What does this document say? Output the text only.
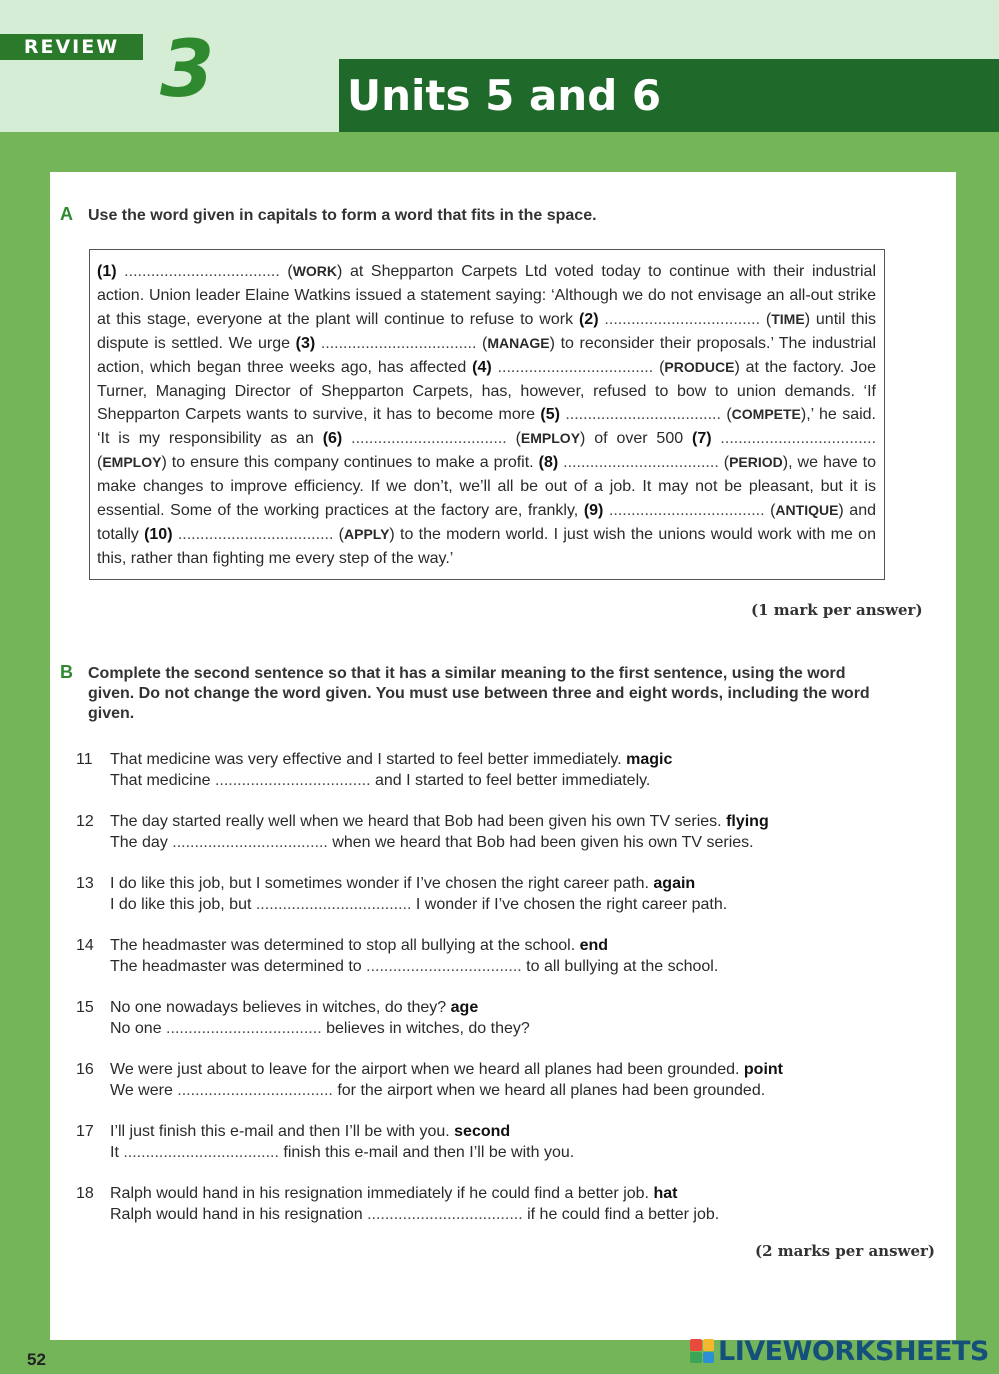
REVIEW 3	Units 5 and 6
A Use the word given in capitals to form a word that fits in the space.

(1) ................................... (WORK) at Shepparton Carpets Ltd voted today to continue with their industrial action. Union leader Elaine Watkins issued a statement saying: ‘Although we do not envisage an all-out strike at this stage, everyone at the plant will continue to refuse to work (2) ................................... (TIME) until this dispute is settled. We urge (3) ................................... (MANAGE) to reconsider their proposals.’ The industrial action, which began three weeks ago, has affected (4) ................................... (PRODUCE) at the factory. Joe Turner, Managing Director of Shepparton Carpets, has, however, refused to bow to union demands. ‘If Shepparton Carpets wants to survive, it has to become more (5) ................................... (COMPETE),’ he said. ‘It is my responsibility as an (6) ................................... (EMPLOY) of over 500 (7) ................................... (EMPLOY) to ensure this company continues to make a profit. (8) ................................... (PERIOD), we have to make changes to improve efficiency. If we don’t, we’ll all be out of a job. It may not be pleasant, but it is essential. Some of the working practices at the factory are, frankly, (9) ................................... (ANTIQUE) and totally (10) ................................... (APPLY) to the modern world. I just wish the unions would work with me on this, rather than fighting me every step of the way.’

(1 mark per answer)
B Complete the second sentence so that it has a similar meaning to the first sentence, using the word given. Do not change the word given. You must use between three and eight words, including the word given.
11	That medicine was very effective and I started to feel better immediately. magic
That medicine ................................... and I started to feel better immediately.
12	The day started really well when we heard that Bob had been given his own TV series. flying
The day ................................... when we heard that Bob had been given his own TV series.
13	I do like this job, but I sometimes wonder if I’ve chosen the right career path. again
I do like this job, but ................................... I wonder if I’ve chosen the right career path.
14	The headmaster was determined to stop all bullying at the school. end
The headmaster was determined to ................................... to all bullying at the school.
15	No one nowadays believes in witches, do they? age
No one ................................... believes in witches, do they?
16	We were just about to leave for the airport when we heard all planes had been grounded. point
We were ................................... for the airport when we heard all planes had been grounded.
17	I’ll just finish this e-mail and then I’ll be with you. second
It ................................... finish this e-mail and then I’ll be with you.
18	Ralph would hand in his resignation immediately if he could find a better job. hat
Ralph would hand in his resignation ................................... if he could find a better job.
(2 marks per answer)
52	LIVEWORKSHEETS
